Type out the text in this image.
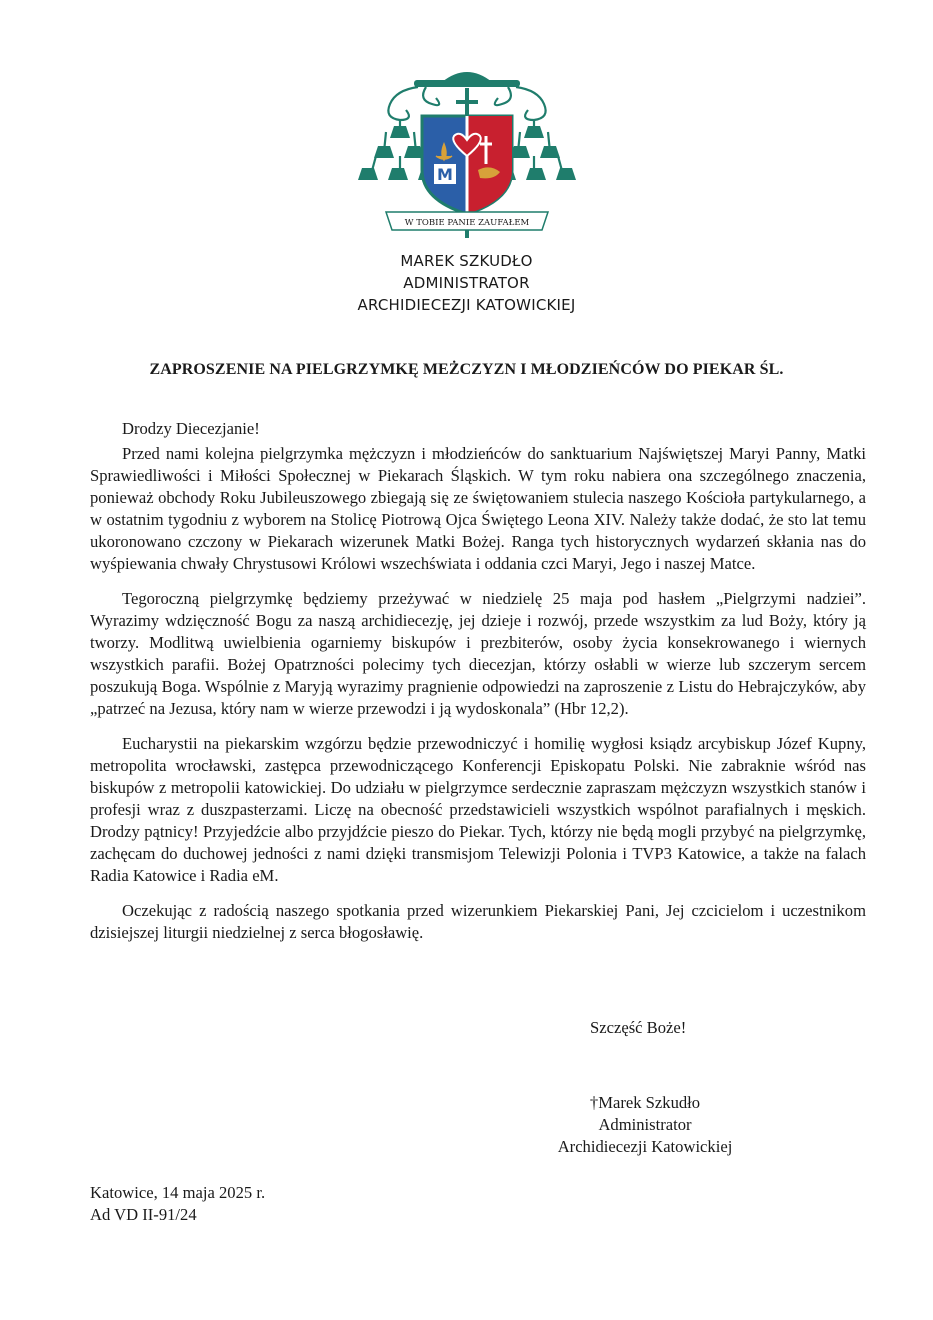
M
W TOBIE PANIE ZAUFAŁEM
MAREK SZKUDŁO
ADMINISTRATOR
ARCHIDIECEZJI KATOWICKIEJ
ZAPROSZENIE NA PIELGRZYMKĘ MEŻCZYZN I MŁODZIEŃCÓW DO PIEKAR ŚL.

Drodzy Diecezjanie!

Przed nami kolejna pielgrzymka mężczyzn i młodzieńców do sanktuarium Najświętszej Maryi Panny, Matki Sprawiedliwości i Miłości Społecznej w Piekarach Śląskich. W tym roku nabiera ona szczególnego znaczenia, ponieważ obchody Roku Jubileuszowego zbiegają się ze świętowaniem stulecia naszego Kościoła partykularnego, a w ostatnim tygodniu z wyborem na Stolicę Piotrową Ojca Świętego Leona XIV. Należy także dodać, że sto lat temu ukoronowano czczony w Piekarach wizerunek Matki Bożej. Ranga tych historycznych wydarzeń skłania nas do wyśpiewania chwały Chrystusowi Królowi wszechświata i oddania czci Maryi, Jego i naszej Matce.

Tegoroczną pielgrzymkę będziemy przeżywać w niedzielę 25 maja pod hasłem „Pielgrzymi nadziei”. Wyrazimy wdzięczność Bogu za naszą archidiecezję, jej dzieje i rozwój, przede wszystkim za lud Boży, który ją tworzy. Modlitwą uwielbienia ogarniemy biskupów i prezbiterów, osoby życia konsekrowanego i wiernych wszystkich parafii. Bożej Opatrzności polecimy tych diecezjan, którzy osłabli w wierze lub szczerym sercem poszukują Boga. Wspólnie z Maryją wyrazimy pragnienie odpowiedzi na zaproszenie z Listu do Hebrajczyków, aby „patrzeć na Jezusa, który nam w wierze przewodzi i ją wydoskonala” (Hbr 12,2).

Eucharystii na piekarskim wzgórzu będzie przewodniczyć i homilię wygłosi ksiądz arcybiskup Józef Kupny, metropolita wrocławski, zastępca przewodniczącego Konferencji Episkopatu Polski. Nie zabraknie wśród nas biskupów z metropolii katowickiej. Do udziału w pielgrzymce serdecznie zapraszam mężczyzn wszystkich stanów i profesji wraz z duszpasterzami. Liczę na obecność przedstawicieli wszystkich wspólnot parafialnych i męskich. Drodzy pątnicy! Przyjedźcie albo przyjdźcie pieszo do Piekar. Tych, którzy nie będą mogli przybyć na pielgrzymkę, zachęcam do duchowej jedności z nami dzięki transmisjom Telewizji Polonia i TVP3 Katowice, a także na falach Radia Katowice i Radia eM.

Oczekując z radością naszego spotkania przed wizerunkiem Piekarskiej Pani, Jej czcicielom i uczestnikom dzisiejszej liturgii niedzielnej z serca błogosławię.

Szczęść Boże!
†Marek Szkudło
Administrator
Archidiecezji Katowickiej
Katowice, 14 maja 2025 r.
Ad VD II-91/24
